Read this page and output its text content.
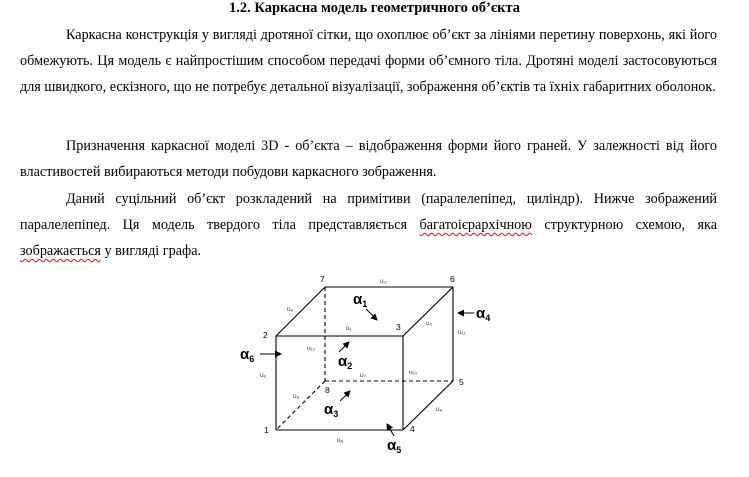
1.2. Каркасна модель геометричного об’єкта

Каркасна конструкція у вигляді дротяної сітки, що охоплює об’єкт за лініями перетину поверхонь, які його обмежують. Ця модель є найпростішим способом передачі форми об’ємного тіла. Дротяні моделі застосовуються для швидкого, ескізного, що не потребує детальної візуалізації, зображення об’єктів та їхніх габаритних оболонок.

Призначення каркасної моделі 3D - об’єкта – відображення форми його граней. У залежності від його властивостей вибираються методи побудови каркасного зображення.

Даний суцільний об’єкт розкладений на примітиви (паралелепіпед, циліндр). Нижче зображений паралелепіпед. Ця модель твердого тіла представляється багатоієрархічною структурною схемою, яка зображається у вигляді графа.

1
2
3
4
5
6
7
8
u₁
u₂
u₃
u₄
u₅
u₆
u₇
u₈
u₉	u₁₀
u₁₁
u₁₂
$\alpha_1$
$\alpha_2$
$\alpha_3$
$\alpha_4$
$\alpha_5$
$\alpha_6$
